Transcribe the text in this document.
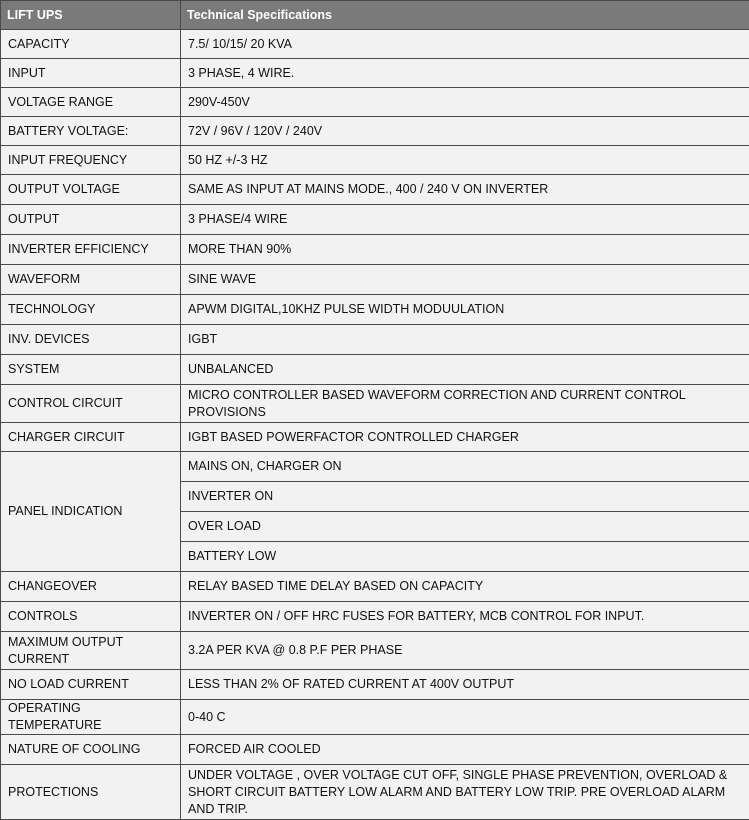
LIFT UPS	Technical Specifications
CAPACITY	7.5/ 10/15/ 20 KVA
INPUT	3 PHASE, 4 WIRE.
VOLTAGE RANGE	290V-450V
BATTERY VOLTAGE:	72V / 96V / 120V / 240V
INPUT FREQUENCY	50 HZ +/-3 HZ
OUTPUT VOLTAGE	SAME AS INPUT AT MAINS MODE., 400 / 240 V ON INVERTER
OUTPUT	3 PHASE/4 WIRE
INVERTER EFFICIENCY	MORE THAN 90%
WAVEFORM	SINE WAVE
TECHNOLOGY	APWM DIGITAL,10KHZ PULSE WIDTH MODUULATION
INV. DEVICES	IGBT
SYSTEM	UNBALANCED
CONTROL CIRCUIT	MICRO CONTROLLER BASED WAVEFORM CORRECTION AND CURRENT CONTROL PROVISIONS
CHARGER CIRCUIT	IGBT BASED POWERFACTOR CONTROLLED CHARGER
PANEL INDICATION	MAINS ON, CHARGER ON
	INVERTER ON
	OVER LOAD
	BATTERY LOW
CHANGEOVER	RELAY BASED TIME DELAY BASED ON CAPACITY
CONTROLS	INVERTER ON / OFF HRC FUSES FOR BATTERY, MCB CONTROL FOR INPUT.
MAXIMUM OUTPUT CURRENT	3.2A PER KVA @ 0.8 P.F PER PHASE
NO LOAD CURRENT	LESS THAN 2% OF RATED CURRENT AT 400V OUTPUT
OPERATING TEMPERATURE	0-40 C
NATURE OF COOLING	FORCED AIR COOLED
PROTECTIONS	UNDER VOLTAGE , OVER VOLTAGE CUT OFF, SINGLE PHASE PREVENTION, OVERLOAD & SHORT CIRCUIT BATTERY LOW ALARM AND BATTERY LOW TRIP. PRE OVERLOAD ALARM AND TRIP.
